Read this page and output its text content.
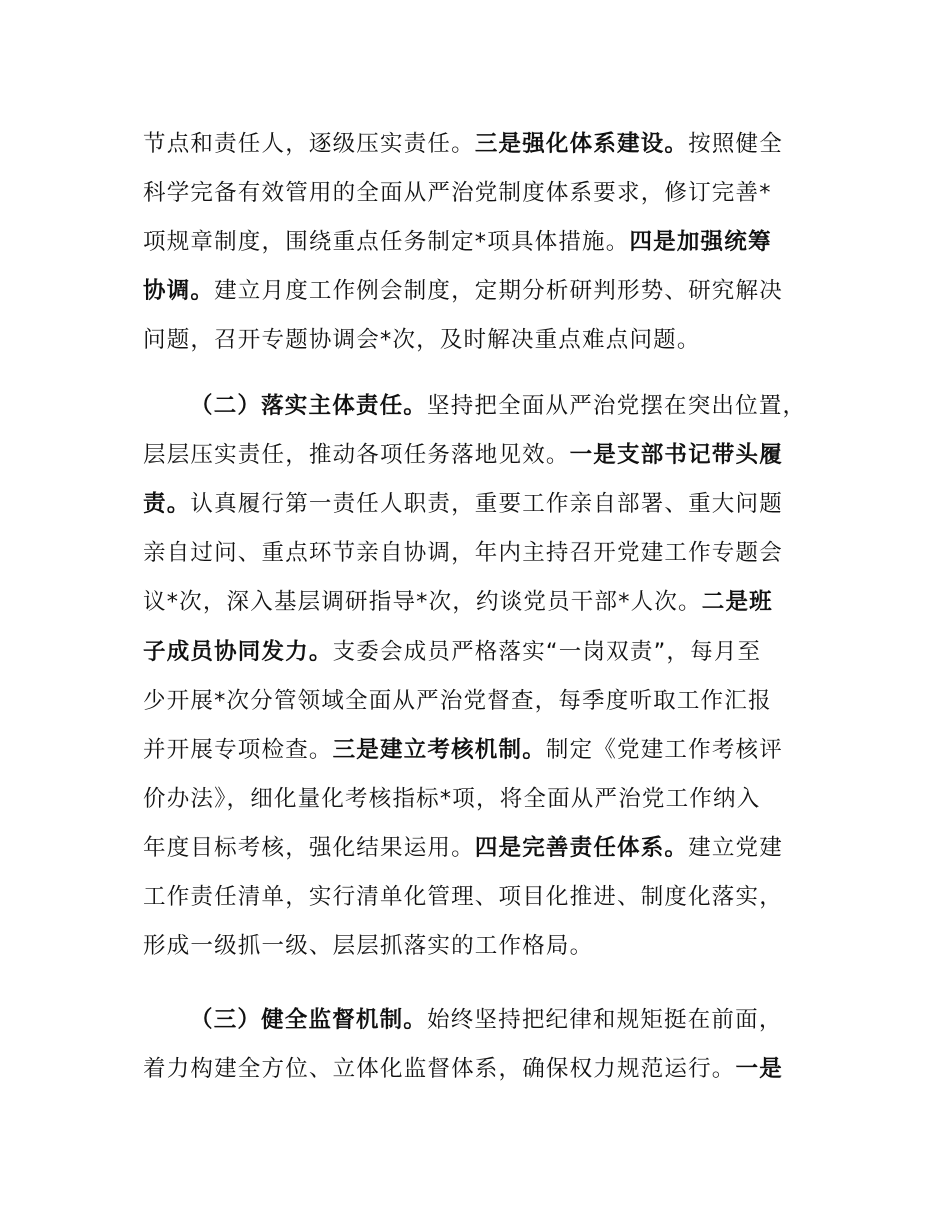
节点和责任人，逐级压实责任。三是强化体系建设。按照健全
科学完备有效管用的全面从严治党制度体系要求，修订完善*
项规章制度，围绕重点任务制定*项具体措施。四是加强统筹
协调。建立月度工作例会制度，定期分析研判形势、研究解决
问题，召开专题协调会*次，及时解决重点难点问题。
（二）落实主体责任。坚持把全面从严治党摆在突出位置，
层层压实责任，推动各项任务落地见效。一是支部书记带头履
责。认真履行第一责任人职责，重要工作亲自部署、重大问题
亲自过问、重点环节亲自协调，年内主持召开党建工作专题会
议*次，深入基层调研指导*次，约谈党员干部*人次。二是班
子成员协同发力。支委会成员严格落实“一岗双责”，每月至
少开展*次分管领域全面从严治党督查，每季度听取工作汇报
并开展专项检查。三是建立考核机制。制定《党建工作考核评
价办法》，细化量化考核指标*项，将全面从严治党工作纳入
年度目标考核，强化结果运用。四是完善责任体系。建立党建
工作责任清单，实行清单化管理、项目化推进、制度化落实，
形成一级抓一级、层层抓落实的工作格局。
（三）健全监督机制。始终坚持把纪律和规矩挺在前面，
着力构建全方位、立体化监督体系，确保权力规范运行。一是
